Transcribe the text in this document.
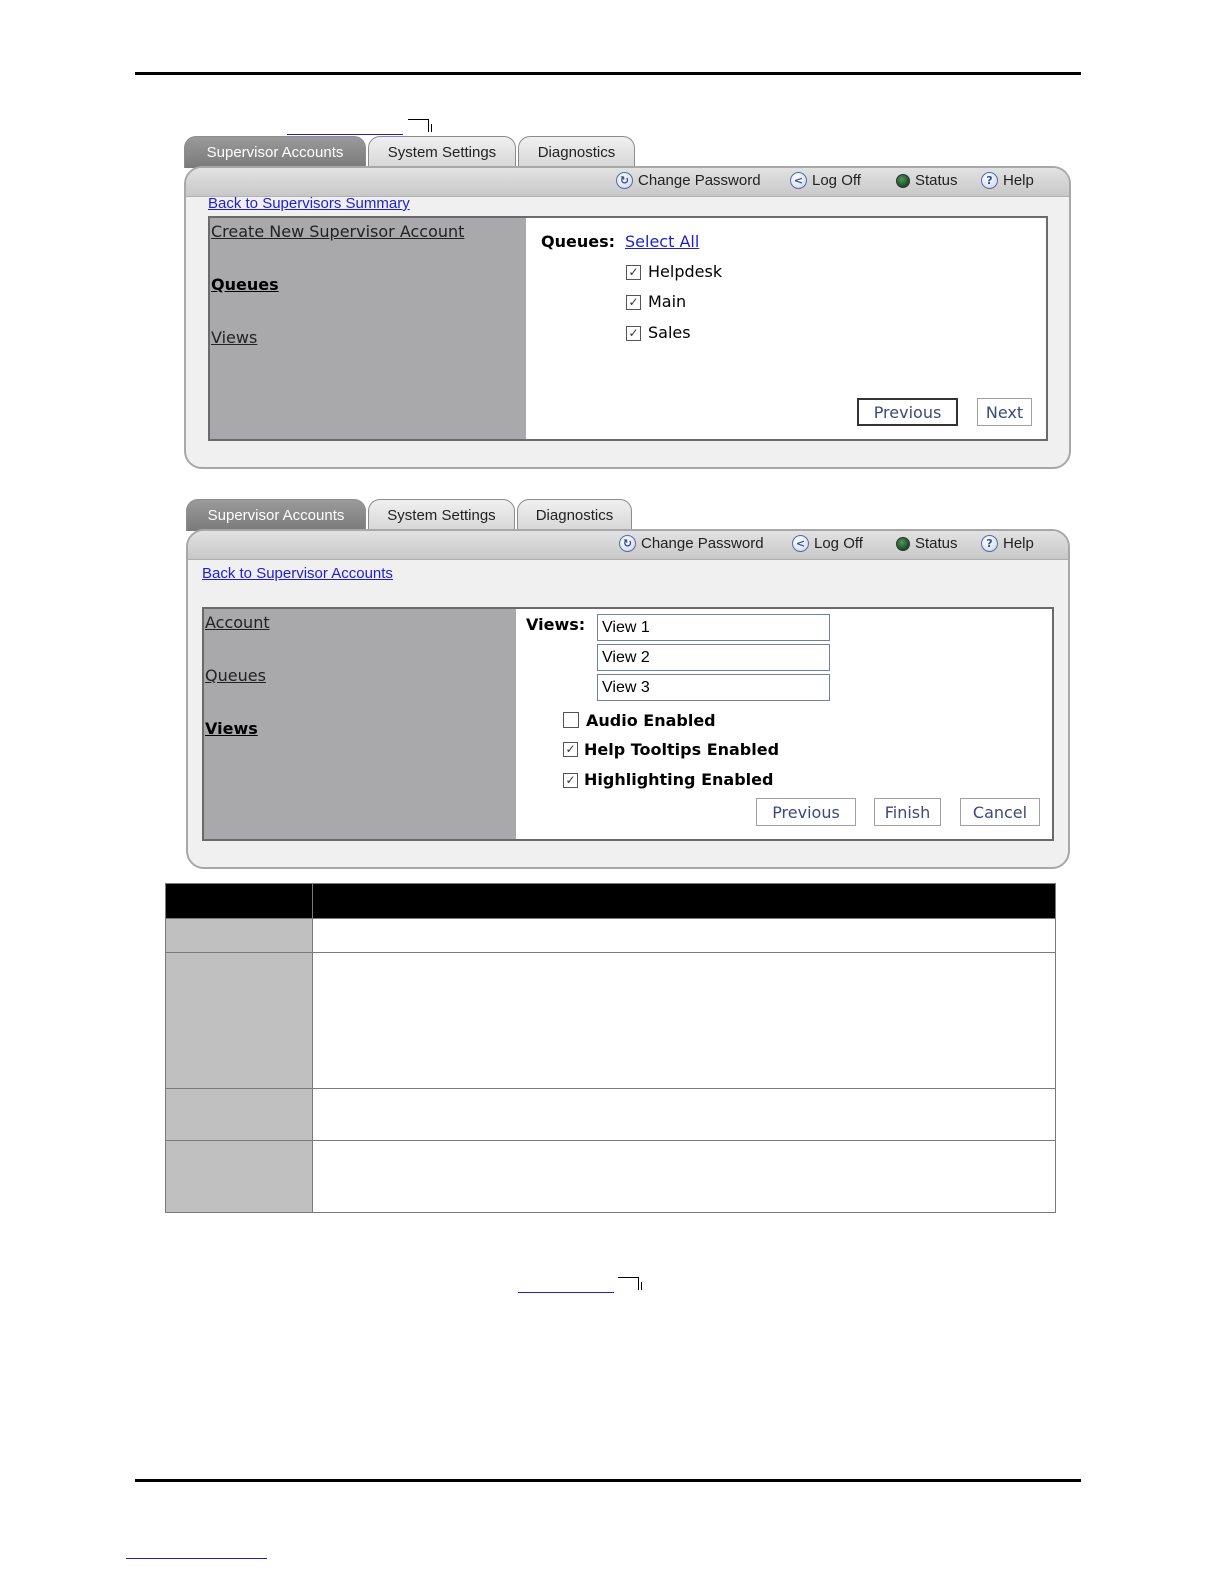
Supervisor Accounts	System Settings	Diagnostics
↻ Change Password	< Log Off	Status	? Help
Back to Supervisors Summary
Create New Supervisor Account
Queues
Views
Queues: Select All
✓ Helpdesk
✓ Main
✓ Sales
Previous	Next
Supervisor Accounts	System Settings	Diagnostics
↻ Change Password	< Log Off	Status	? Help
Back to Supervisor Accounts
Account
Queues
Views
Views:	View 1
View 2
View 3
Audio Enabled
✓ Help Tooltips Enabled
✓ Highlighting Enabled
Previous	Finish	Cancel
